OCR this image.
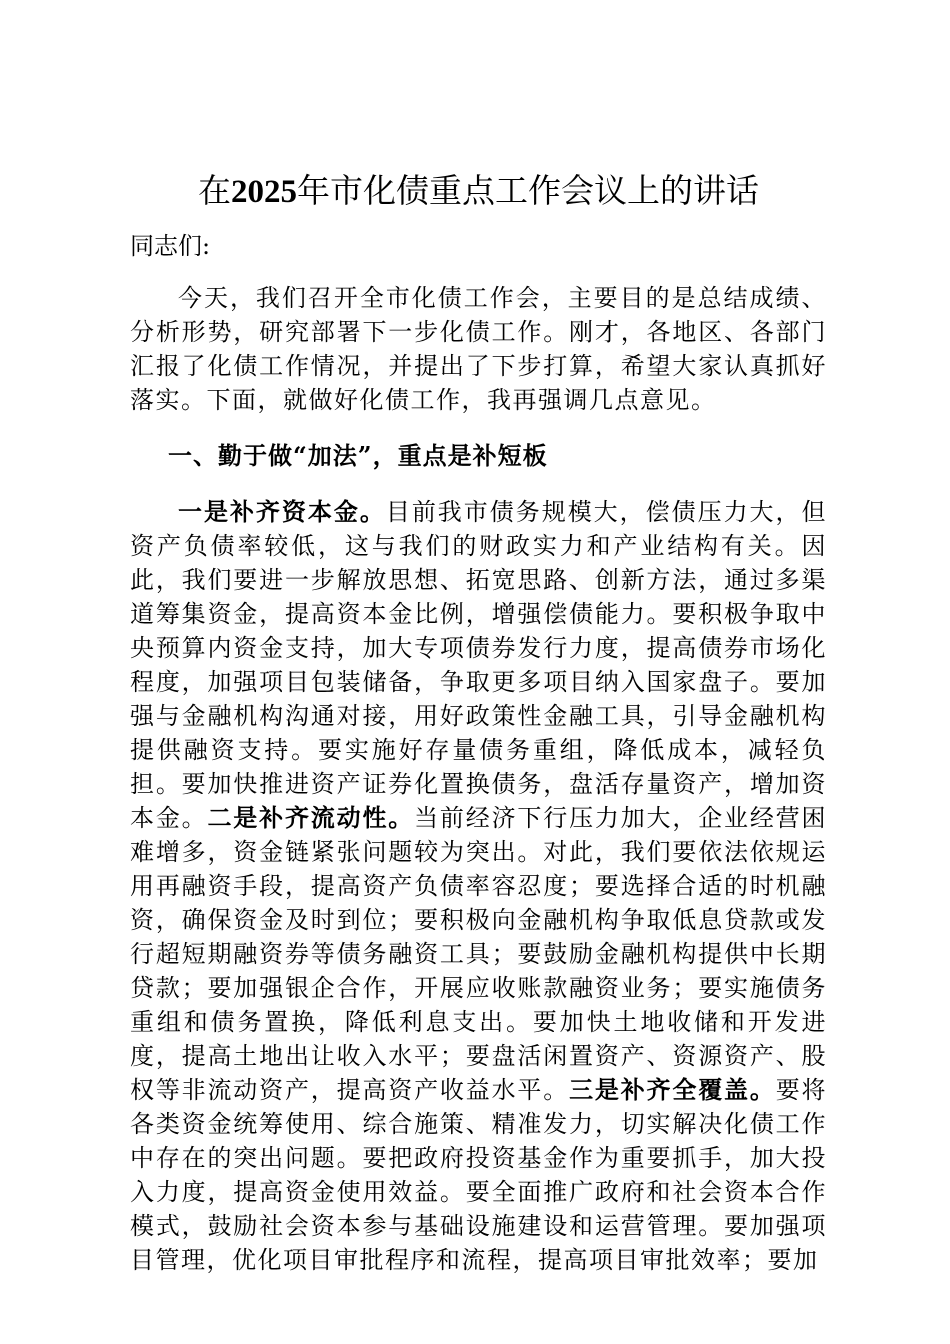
在2025年市化债重点工作会议上的讲话

同志们:

今天，我们召开全市化债工作会，主要目的是总结成绩、分析形势，研究部署下一步化债工作。刚才，各地区、各部门汇报了化债工作情况，并提出了下步打算，希望大家认真抓好落实。下面，就做好化债工作，我再强调几点意见。

一、勤于做“加法”，重点是补短板

一是补齐资本金。目前我市债务规模大，偿债压力大，但资产负债率较低，这与我们的财政实力和产业结构有关。因此，我们要进一步解放思想、拓宽思路、创新方法，通过多渠道筹集资金，提高资本金比例，增强偿债能力。要积极争取中央预算内资金支持，加大专项债券发行力度，提高债券市场化程度，加强项目包装储备，争取更多项目纳入国家盘子。要加强与金融机构沟通对接，用好政策性金融工具，引导金融机构提供融资支持。要实施好存量债务重组，降低成本，减轻负担。要加快推进资产证券化置换债务，盘活存量资产，增加资本金。二是补齐流动性。当前经济下行压力加大，企业经营困难增多，资金链紧张问题较为突出。对此，我们要依法依规运用再融资手段，提高资产负债率容忍度；要选择合适的时机融资，确保资金及时到位；要积极向金融机构争取低息贷款或发行超短期融资券等债务融资工具；要鼓励金融机构提供中长期贷款；要加强银企合作，开展应收账款融资业务；要实施债务重组和债务置换，降低利息支出。要加快土地收储和开发进度，提高土地出让收入水平；要盘活闲置资产、资源资产、股权等非流动资产，提高资产收益水平。三是补齐全覆盖。要将各类资金统筹使用、综合施策、精准发力，切实解决化债工作中存在的突出问题。要把政府投资基金作为重要抓手，加大投入力度，提高资金使用效益。要全面推广政府和社会资本合作模式，鼓励社会资本参与基础设施建设和运营管理。要加强项目管理，优化项目审批程序和流程，提高项目审批效率；要加
